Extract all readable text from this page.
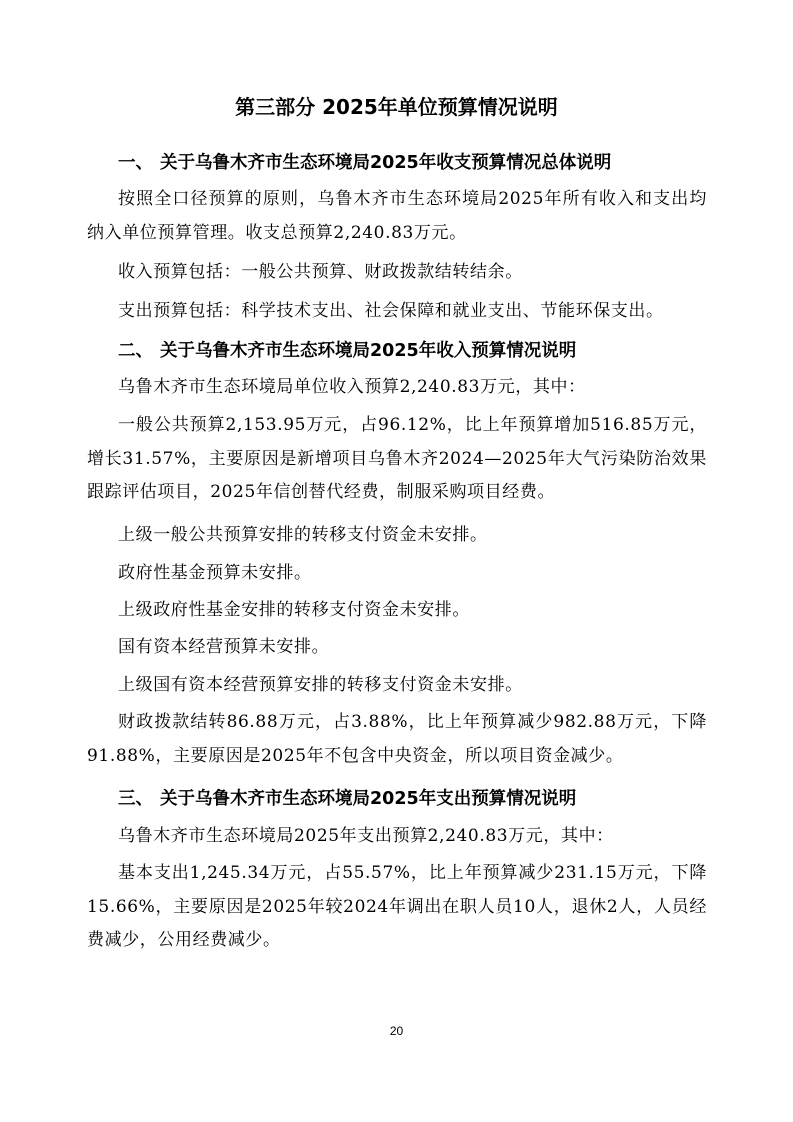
第三部分 2025年单位预算情况说明
一、 关于乌鲁木齐市生态环境局2025年收支预算情况总体说明
按照全口径预算的原则，乌鲁木齐市生态环境局2025年所有收入和支出均纳入单位预算管理。收支总预算2,240.83万元。
收入预算包括：一般公共预算、财政拨款结转结余。
支出预算包括：科学技术支出、社会保障和就业支出、节能环保支出。
二、 关于乌鲁木齐市生态环境局2025年收入预算情况说明
乌鲁木齐市生态环境局单位收入预算2,240.83万元，其中：
一般公共预算2,153.95万元，占96.12%，比上年预算增加516.85万元，增长31.57%，主要原因是新增项目乌鲁木齐2024—2025年大气污染防治效果跟踪评估项目，2025年信创替代经费，制服采购项目经费。
上级一般公共预算安排的转移支付资金未安排。
政府性基金预算未安排。
上级政府性基金安排的转移支付资金未安排。
国有资本经营预算未安排。
上级国有资本经营预算安排的转移支付资金未安排。
财政拨款结转86.88万元，占3.88%，比上年预算减少982.88万元，下降91.88%，主要原因是2025年不包含中央资金，所以项目资金减少。
三、 关于乌鲁木齐市生态环境局2025年支出预算情况说明
乌鲁木齐市生态环境局2025年支出预算2,240.83万元，其中：
基本支出1,245.34万元，占55.57%，比上年预算减少231.15万元，下降15.66%，主要原因是2025年较2024年调出在职人员10人，退休2人，人员经费减少，公用经费减少。
20
